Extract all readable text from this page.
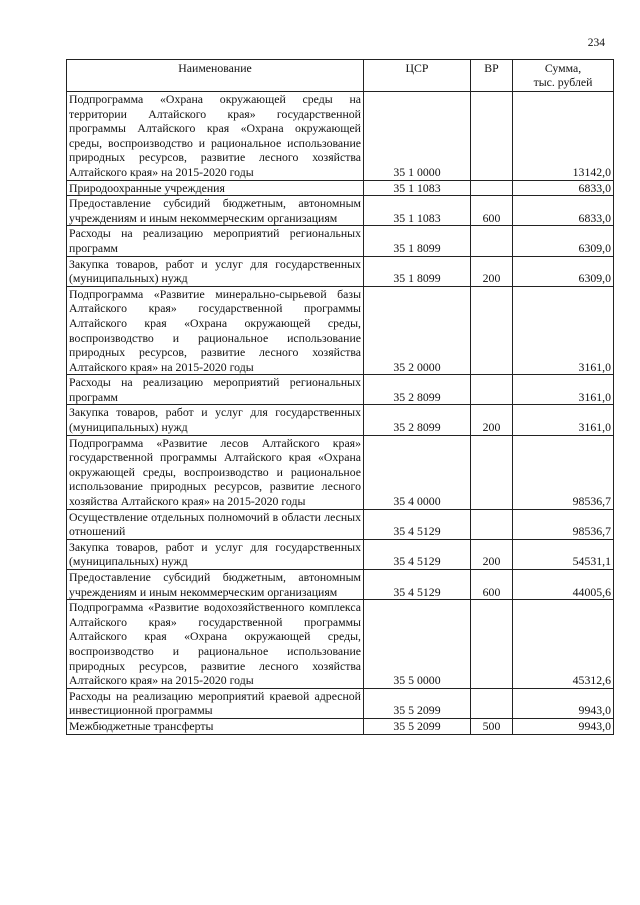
234
Наименование	ЦСР	ВР	Сумма,
тыс. рублей

Подпрограмма «Охрана окружающей среды на территории Алтайского края» государственной программы Алтайского края «Охрана окружающей среды, воспроизводство и рациональное использование природных ресурсов, развитие лесного хозяйства Алтайского края» на 2015-2020 годы	35 1 0000		13142,0
Природоохранные учреждения	35 1 1083		6833,0
Предоставление субсидий бюджетным, автономным учреждениям и иным некоммерческим организациям	35 1 1083	600	6833,0
Расходы на реализацию мероприятий региональных программ	35 1 8099		6309,0
Закупка товаров, работ и услуг для государственных (муниципальных) нужд	35 1 8099	200	6309,0
Подпрограмма «Развитие минерально-сырьевой базы Алтайского края» государственной программы Алтайского края «Охрана окружающей среды, воспроизводство и рациональное использование природных ресурсов, развитие лесного хозяйства Алтайского края» на 2015-2020 годы	35 2 0000		3161,0
Расходы на реализацию мероприятий региональных программ	35 2 8099		3161,0
Закупка товаров, работ и услуг для государственных (муниципальных) нужд	35 2 8099	200	3161,0
Подпрограмма «Развитие лесов Алтайского края» государственной программы Алтайского края «Охрана окружающей среды, воспроизводство и рациональное использование природных ресурсов, развитие лесного хозяйства Алтайского края» на 2015-2020 годы	35 4 0000		98536,7
Осуществление отдельных полномочий в области лесных отношений	35 4 5129		98536,7
Закупка товаров, работ и услуг для государственных (муниципальных) нужд	35 4 5129	200	54531,1
Предоставление субсидий бюджетным, автономным учреждениям и иным некоммерческим организациям	35 4 5129	600	44005,6
Подпрограмма «Развитие водохозяйственного комплекса Алтайского края» государственной программы Алтайского края «Охрана окружающей среды, воспроизводство и рациональное использование природных ресурсов, развитие лесного хозяйства Алтайского края» на 2015-2020 годы	35 5 0000		45312,6
Расходы на реализацию мероприятий краевой адресной инвестиционной программы	35 5 2099		9943,0
Межбюджетные трансферты	35 5 2099	500	9943,0
